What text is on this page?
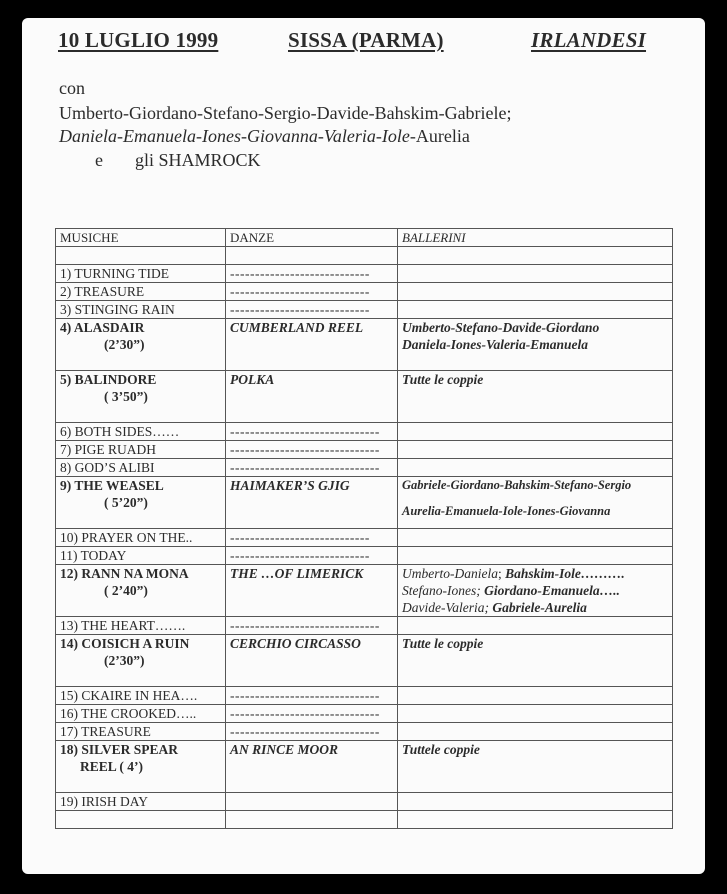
10 LUGLIO 1999	SISSA (PARMA)	IRLANDESI
con
Umberto-Giordano-Stefano-Sergio-Davide-Bahskim-Gabriele;
Daniela-Emanuela-Iones-Giovanna-Valeria-Iole-Aurelia
e gli SHAMROCK
MUSICHE	DANZE	BALLERINI

1) TURNING TIDE	----------------------------	
2) TREASURE	----------------------------	
3) STINGING RAIN	----------------------------	
4) ALASDAIR
(2’30”)	CUMBERLAND REEL	Umberto-Stefano-Davide-Giordano
Daniela-Iones-Valeria-Emanuela
5) BALINDORE
( 3’50”)	POLKA	Tutte le coppie
6) BOTH SIDES……	------------------------------	
7) PIGE RUADH	------------------------------	
8) GOD’S ALIBI	------------------------------	
9) THE WEASEL
( 5’20”)	HAIMAKER’S GJIG	Gabriele-Giordano-Bahskim-Stefano-Sergio
Aurelia-Emanuela-Iole-Iones-Giovanna

10) PRAYER ON THE..	----------------------------	
11) TODAY	----------------------------	
12) RANN NA MONA
( 2’40”)	THE …OF LIMERICK	Umberto-Daniela; Bahskim-Iole……….
Stefano-Iones; Giordano-Emanuela…..
Davide-Valeria; Gabriele-Aurelia
13) THE HEART…….	------------------------------	
14) COISICH A RUIN
(2’30”)	CERCHIO CIRCASSO	Tutte le coppie
15) CKAIRE IN HEA….	------------------------------	
16) THE CROOKED…..	------------------------------	
17) TREASURE	------------------------------	
18) SILVER SPEAR
REEL ( 4’)	AN RINCE MOOR	Tuttele coppie
19) IRISH DAY		
